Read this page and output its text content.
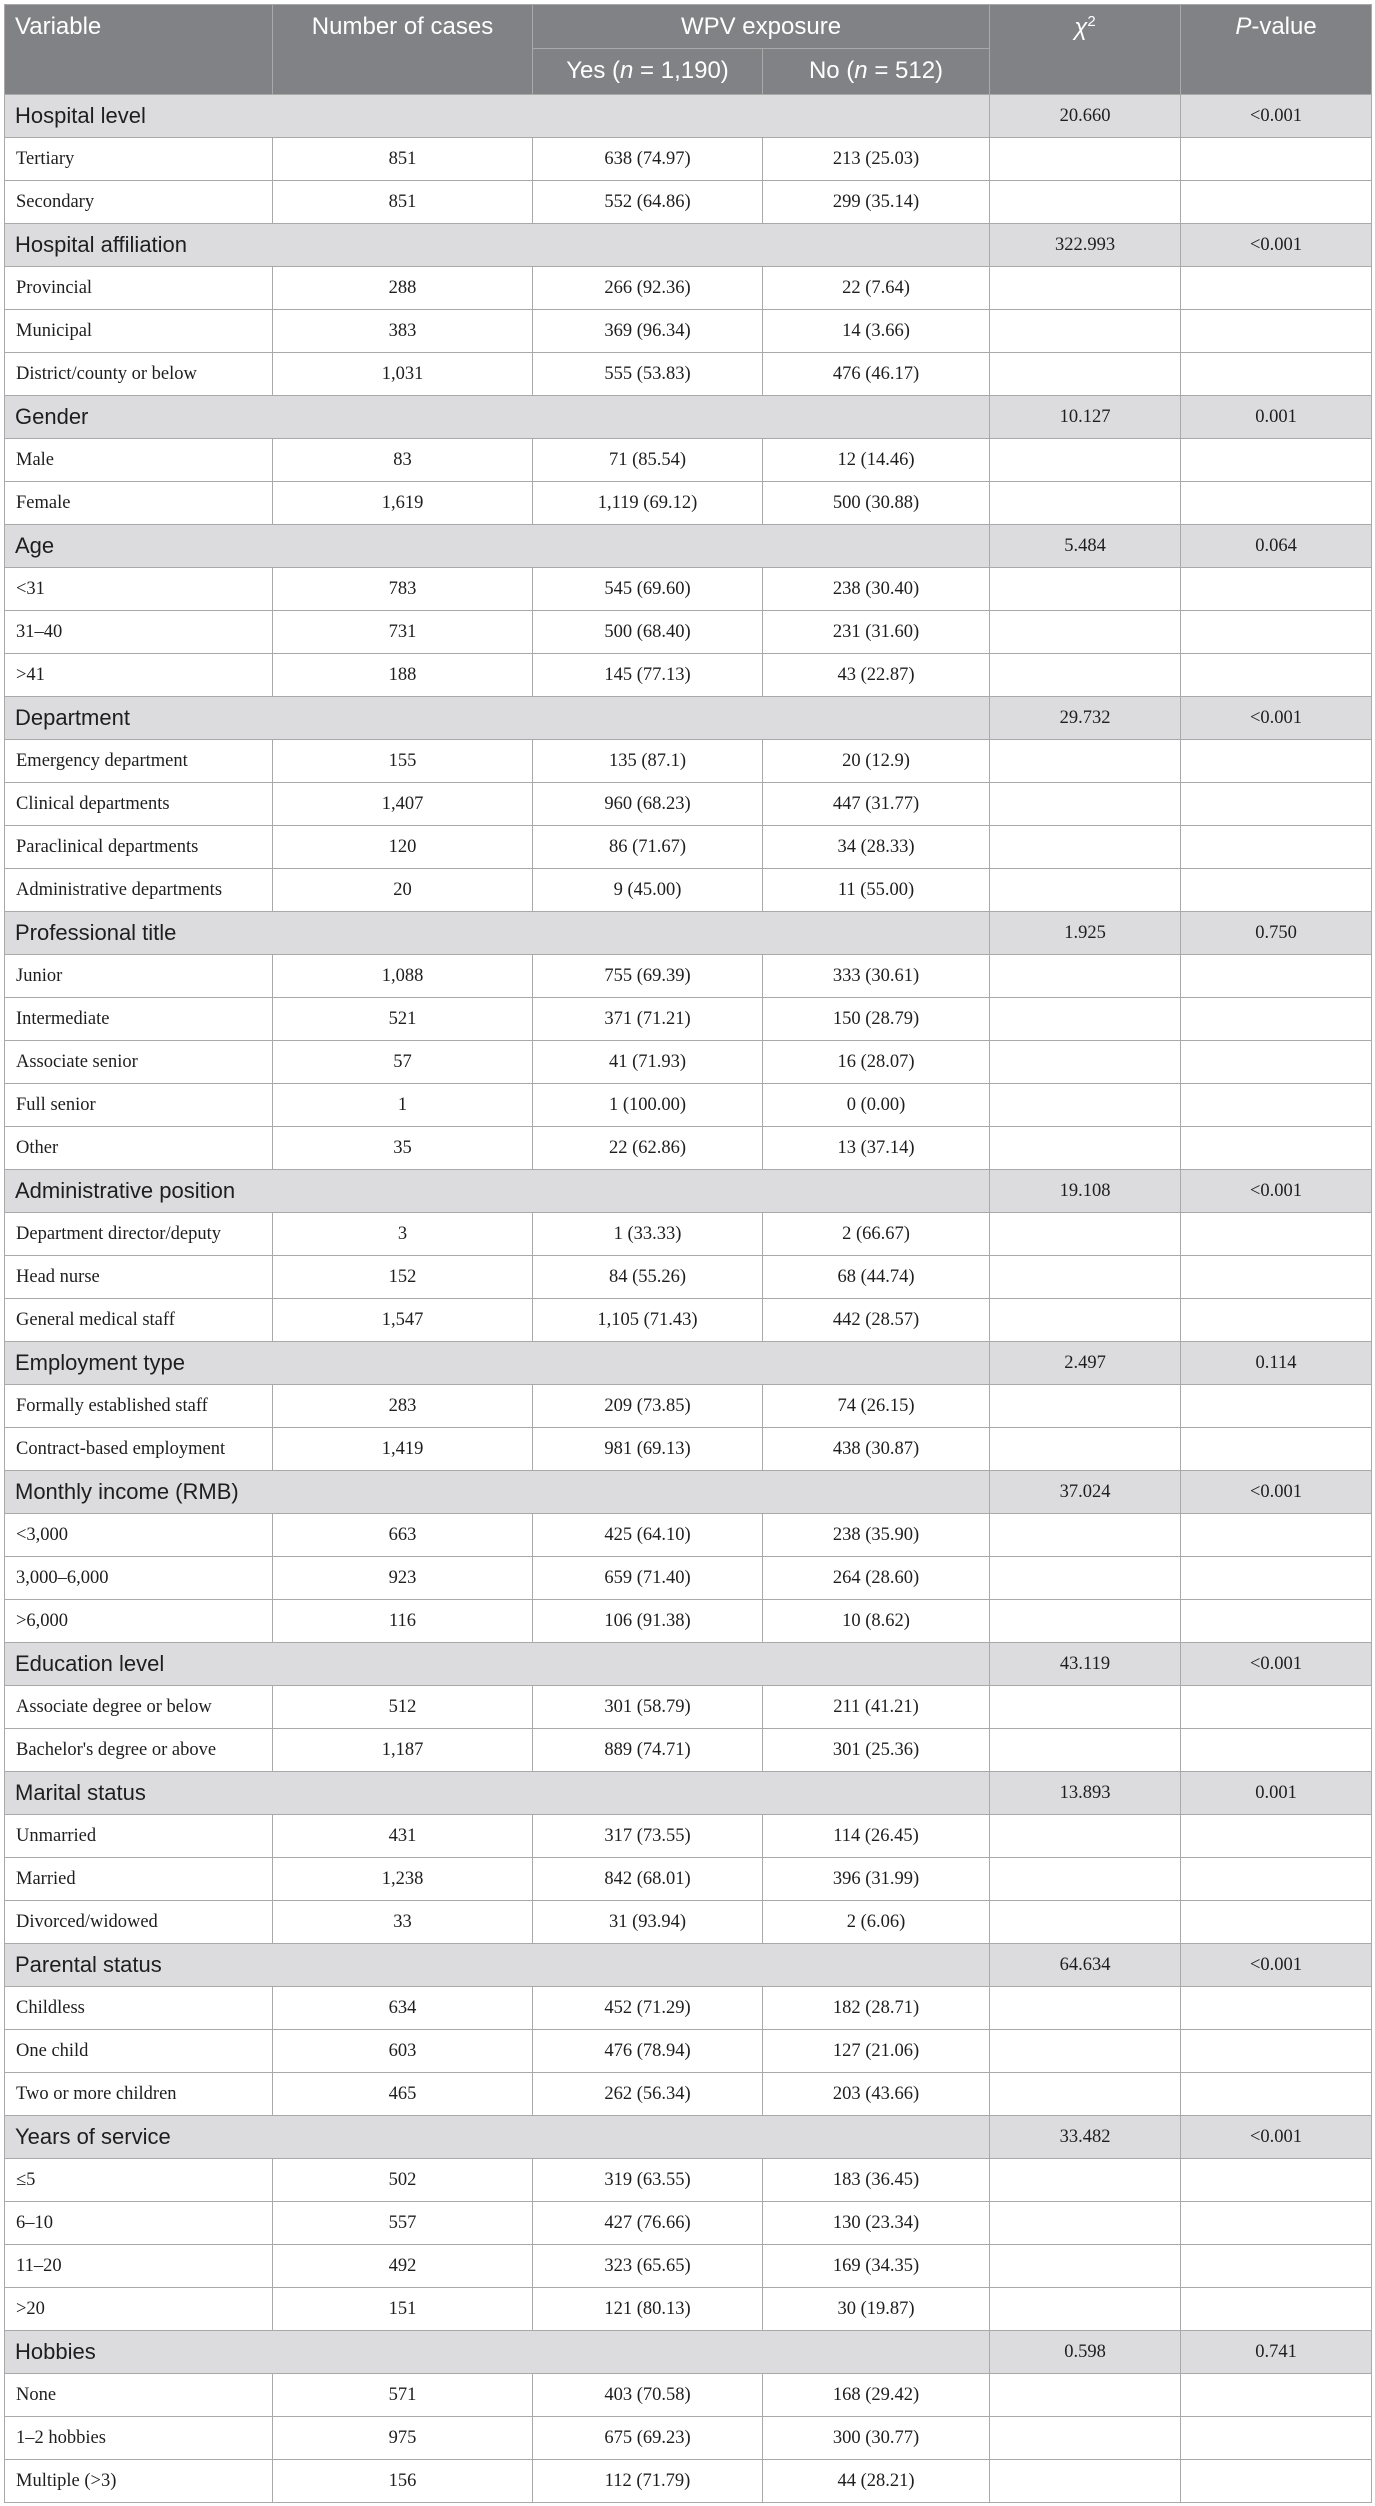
Variable	Number of cases	WPV exposure		$\chi^2$	P-value
		Yes (n = 1,190)	No (n = 512)		
Hospital level				20.660	<0.001
Tertiary	851	638 (74.97)	213 (25.03)		
Secondary	851	552 (64.86)	299 (35.14)		
Hospital affiliation				322.993	<0.001
Provincial	288	266 (92.36)	22 (7.64)		
Municipal	383	369 (96.34)	14 (3.66)		
District/county or below	1,031	555 (53.83)	476 (46.17)		
Gender				10.127	0.001
Male	83	71 (85.54)	12 (14.46)		
Female	1,619	1,119 (69.12)	500 (30.88)		
Age				5.484	0.064
<31	783	545 (69.60)	238 (30.40)		
31–40	731	500 (68.40)	231 (31.60)		
>41	188	145 (77.13)	43 (22.87)		
Department				29.732	<0.001
Emergency department	155	135 (87.1)	20 (12.9)		
Clinical departments	1,407	960 (68.23)	447 (31.77)		
Paraclinical departments	120	86 (71.67)	34 (28.33)		
Administrative departments	20	9 (45.00)	11 (55.00)		
Professional title				1.925	0.750
Junior	1,088	755 (69.39)	333 (30.61)		
Intermediate	521	371 (71.21)	150 (28.79)		
Associate senior	57	41 (71.93)	16 (28.07)		
Full senior	1	1 (100.00)	0 (0.00)		
Other	35	22 (62.86)	13 (37.14)		
Administrative position				19.108	<0.001
Department director/deputy	3	1 (33.33)	2 (66.67)		
Head nurse	152	84 (55.26)	68 (44.74)		
General medical staff	1,547	1,105 (71.43)	442 (28.57)		
Employment type				2.497	0.114
Formally established staff	283	209 (73.85)	74 (26.15)		
Contract-based employment	1,419	981 (69.13)	438 (30.87)		
Monthly income (RMB)				37.024	<0.001
<3,000	663	425 (64.10)	238 (35.90)		
3,000–6,000	923	659 (71.40)	264 (28.60)		
>6,000	116	106 (91.38)	10 (8.62)		
Education level				43.119	<0.001
Associate degree or below	512	301 (58.79)	211 (41.21)		
Bachelor's degree or above	1,187	889 (74.71)	301 (25.36)		
Marital status				13.893	0.001
Unmarried	431	317 (73.55)	114 (26.45)		
Married	1,238	842 (68.01)	396 (31.99)		
Divorced/widowed	33	31 (93.94)	2 (6.06)		
Parental status				64.634	<0.001
Childless	634	452 (71.29)	182 (28.71)		
One child	603	476 (78.94)	127 (21.06)		
Two or more children	465	262 (56.34)	203 (43.66)		
Years of service				33.482	<0.001
≤5	502	319 (63.55)	183 (36.45)		
6–10	557	427 (76.66)	130 (23.34)		
11–20	492	323 (65.65)	169 (34.35)		
>20	151	121 (80.13)	30 (19.87)		
Hobbies				0.598	0.741
None	571	403 (70.58)	168 (29.42)		
1–2 hobbies	975	675 (69.23)	300 (30.77)		
Multiple (>3)	156	112 (71.79)	44 (28.21)		
